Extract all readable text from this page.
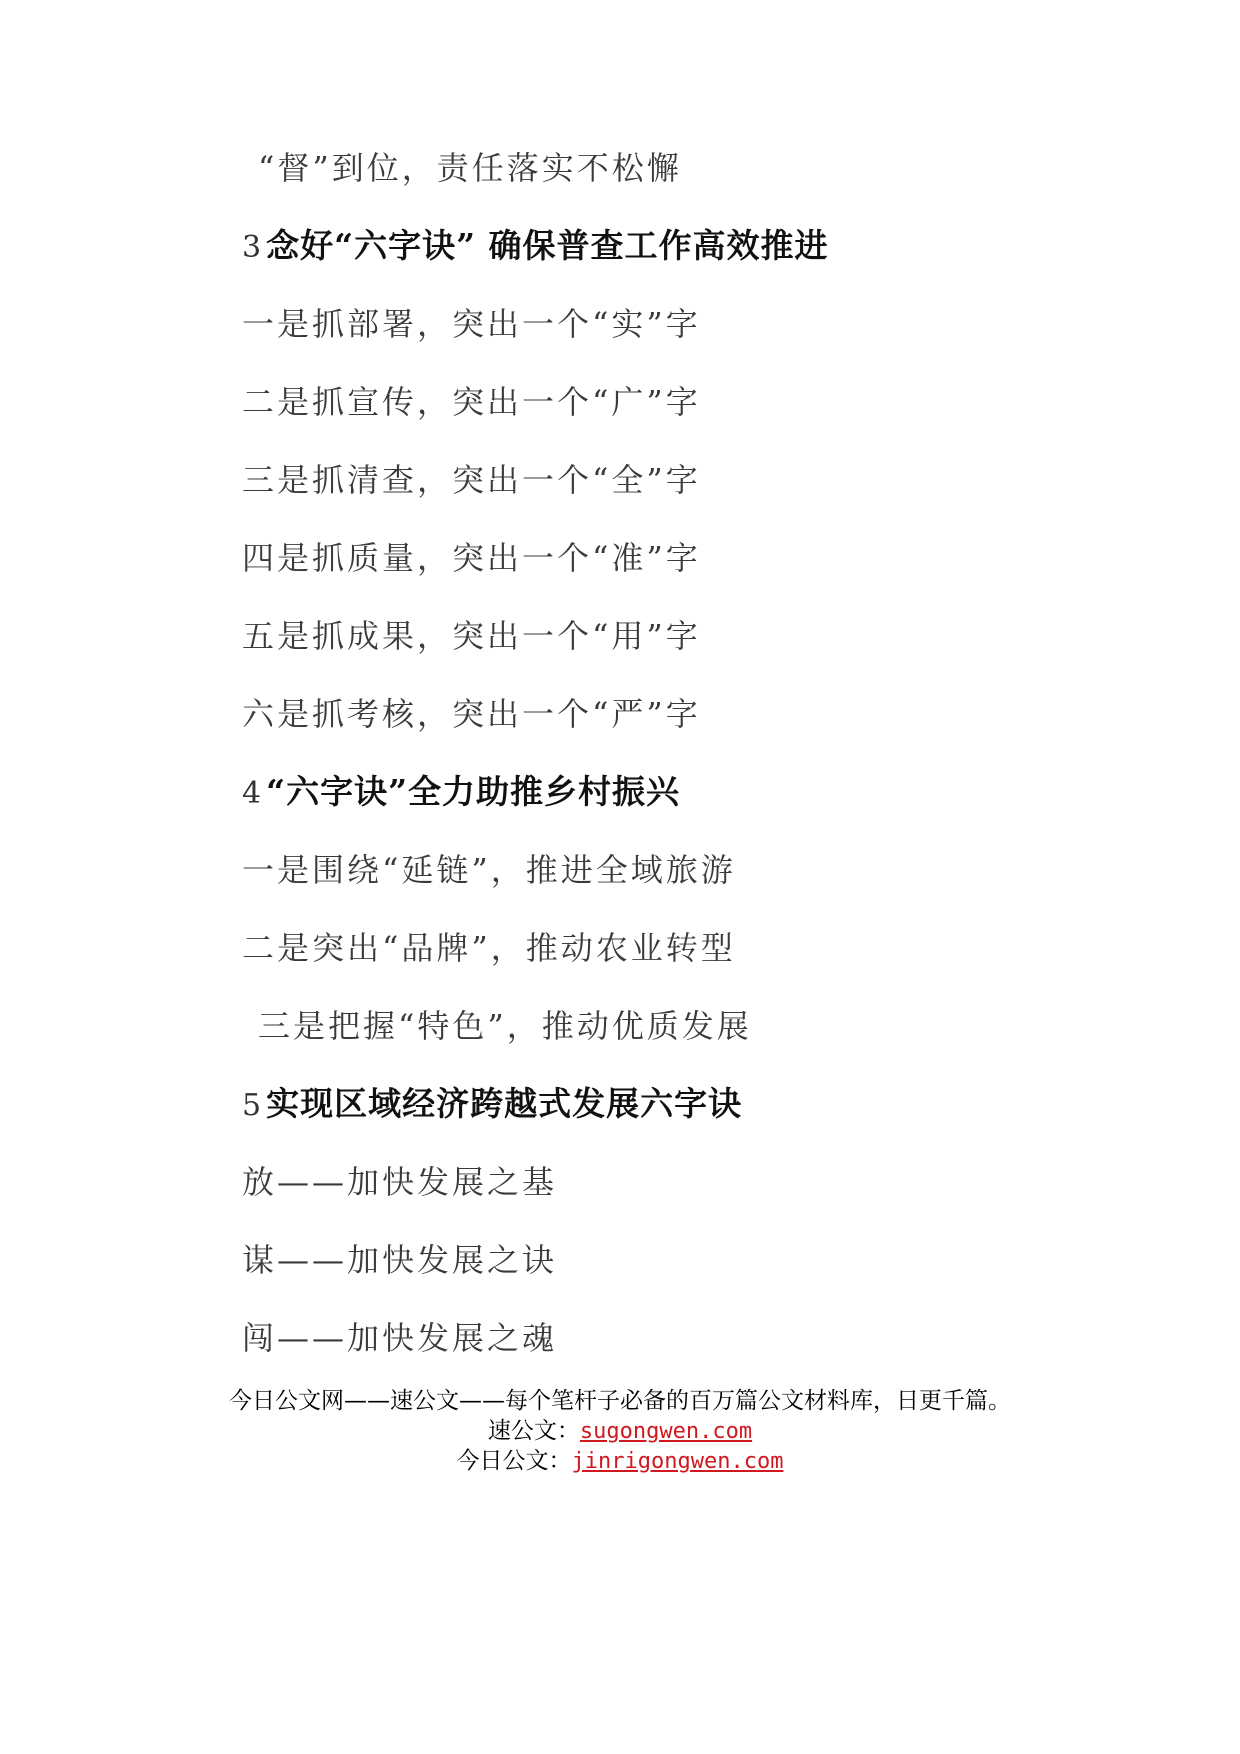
“督”到位，责任落实不松懈
3 念好“六字诀” 确保普查工作高效推进
一是抓部署，突出一个“实”字
二是抓宣传，突出一个“广”字
三是抓清查，突出一个“全”字
四是抓质量，突出一个“准”字
五是抓成果，突出一个“用”字
六是抓考核，突出一个“严”字
4 “六字诀”全力助推乡村振兴
一是围绕“延链”，推进全域旅游
二是突出“品牌”，推动农业转型
三是把握“特色”，推动优质发展
5 实现区域经济跨越式发展六字诀
放——加快发展之基
谋——加快发展之诀
闯——加快发展之魂
今日公文网——速公文——每个笔杆子必备的百万篇公文材料库，日更千篇。
速公文：sugongwen.com
今日公文：jinrigongwen.com
